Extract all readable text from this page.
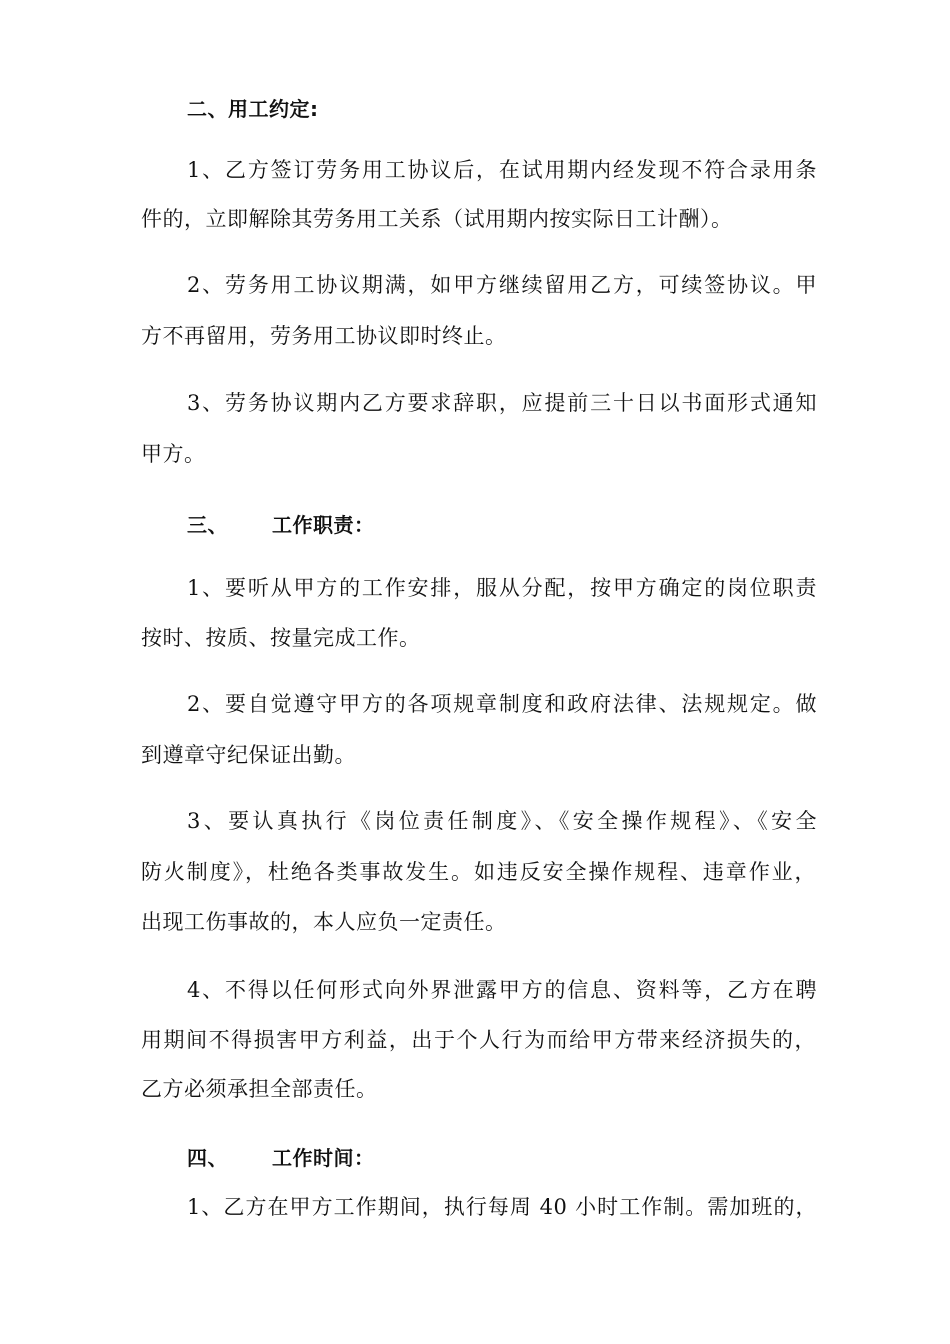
二、用工约定:
1、乙方签订劳务用工协议后，在试用期内经发现不符合录用条
件的，立即解除其劳务用工关系（试用期内按实际日工计酬）。
2、劳务用工协议期满，如甲方继续留用乙方，可续签协议。甲
方不再留用，劳务用工协议即时终止。
3、劳务协议期内乙方要求辞职，应提前三十日以书面形式通知
甲方。
三、 工作职责：
1、要听从甲方的工作安排，服从分配，按甲方确定的岗位职责
按时、按质、按量完成工作。
2、要自觉遵守甲方的各项规章制度和政府法律、法规规定。做
到遵章守纪保证出勤。
3、要认真执行《岗位责任制度》、《安全操作规程》、《安全
防火制度》，杜绝各类事故发生。如违反安全操作规程、违章作业，
出现工伤事故的，本人应负一定责任。
4、不得以任何形式向外界泄露甲方的信息、资料等，乙方在聘
用期间不得损害甲方利益，出于个人行为而给甲方带来经济损失的，
乙方必须承担全部责任。
四、 工作时间：
1、乙方在甲方工作期间，执行每周 40 小时工作制。需加班的，
